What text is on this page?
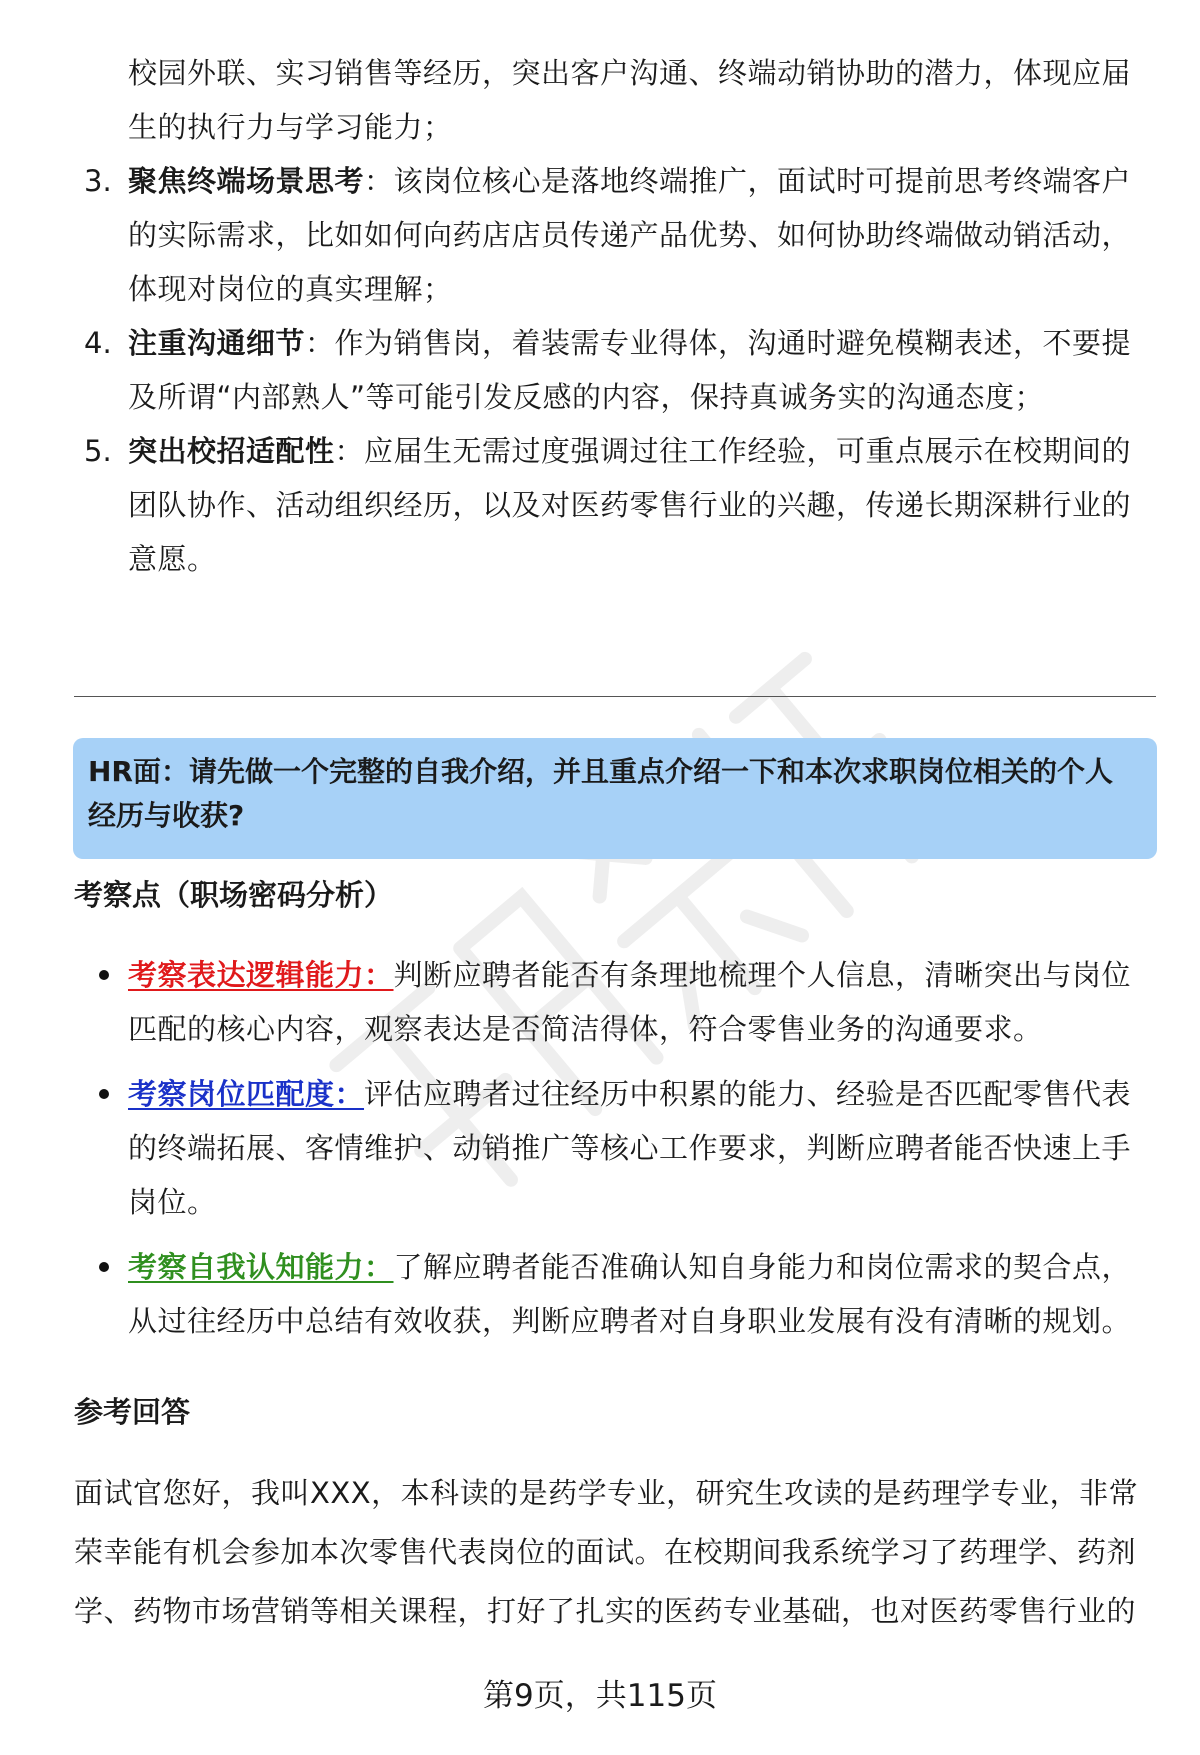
校园外联、实习销售等经历，突出客户沟通、终端动销协助的潜力，体现应届
生的执行力与学习能力；
3. 聚焦终端场景思考：该岗位核心是落地终端推广，面试时可提前思考终端客户
的实际需求，比如如何向药店店员传递产品优势、如何协助终端做动销活动，
体现对岗位的真实理解；
4. 注重沟通细节：作为销售岗，着装需专业得体，沟通时避免模糊表述，不要提
及所谓“内部熟人”等可能引发反感的内容，保持真诚务实的沟通态度；
5. 突出校招适配性：应届生无需过度强调过往工作经验，可重点展示在校期间的
团队协作、活动组织经历，以及对医药零售行业的兴趣，传递长期深耕行业的
意愿。
HR面：请先做一个完整的自我介绍，并且重点介绍一下和本次求职岗位相关的个人经历与收获?
考察点（职场密码分析）
考察表达逻辑能力：判断应聘者能否有条理地梳理个人信息，清晰突出与岗位
匹配的核心内容，观察表达是否简洁得体，符合零售业务的沟通要求。
考察岗位匹配度：评估应聘者过往经历中积累的能力、经验是否匹配零售代表
的终端拓展、客情维护、动销推广等核心工作要求，判断应聘者能否快速上手
岗位。
考察自我认知能力：了解应聘者能否准确认知自身能力和岗位需求的契合点，
从过往经历中总结有效收获，判断应聘者对自身职业发展有没有清晰的规划。
参考回答
面试官您好，我叫XXX，本科读的是药学专业，研究生攻读的是药理学专业，非常
荣幸能有机会参加本次零售代表岗位的面试。在校期间我系统学习了药理学、药剂
学、药物市场营销等相关课程，打好了扎实的医药专业基础，也对医药零售行业的
第9页，共115页
